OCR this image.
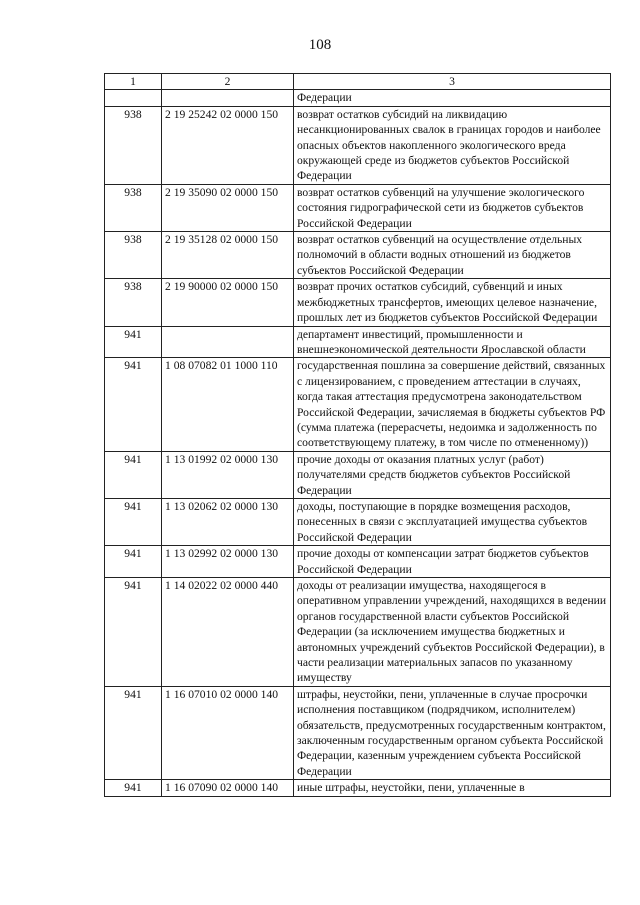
108
1	2	3
		Федерации
938	2 19 25242 02 0000 150	возврат остатков субсидий на ликвидацию несанкционированных свалок в границах городов и наиболее опасных объектов накопленного экологического вреда окружающей среде из бюджетов субъектов Российской Федерации
938	2 19 35090 02 0000 150	возврат остатков субвенций на улучшение экологического состояния гидрографической сети из бюджетов субъектов Российской Федерации
938	2 19 35128 02 0000 150	возврат остатков субвенций на осуществление отдельных полномочий в области водных отношений из бюджетов субъектов Российской Федерации
938	2 19 90000 02 0000 150	возврат прочих остатков субсидий, субвенций и иных межбюджетных трансфертов, имеющих целевое назначение, прошлых лет из бюджетов субъектов Российской Федерации
941		департамент инвестиций, промышленности и внешнеэкономической деятельности Ярославской области
941	1 08 07082 01 1000 110	государственная пошлина за совершение действий, связанных с лицензированием, с проведением аттестации в случаях, когда такая аттестация предусмотрена законодательством Российской Федерации, зачисляемая в бюджеты субъектов РФ (сумма платежа (перерасчеты, недоимка и задолженность по соответствующему платежу, в том числе по отмененному))
941	1 13 01992 02 0000 130	прочие доходы от оказания платных услуг (работ) получателями средств бюджетов субъектов Российской Федерации
941	1 13 02062 02 0000 130	доходы, поступающие в порядке возмещения расходов, понесенных в связи с эксплуатацией имущества субъектов Российской Федерации
941	1 13 02992 02 0000 130	прочие доходы от компенсации затрат бюджетов субъектов Российской Федерации
941	1 14 02022 02 0000 440	доходы от реализации имущества, находящегося в оперативном управлении учреждений, находящихся в ведении органов государственной власти субъектов Российской Федерации (за исключением имущества бюджетных и автономных учреждений субъектов Российской Федерации), в части реализации материальных запасов по указанному имуществу
941	1 16 07010 02 0000 140	штрафы, неустойки, пени, уплаченные в случае просрочки исполнения поставщиком (подрядчиком, исполнителем) обязательств, предусмотренных государственным контрактом, заключенным государственным органом субъекта Российской Федерации, казенным учреждением субъекта Российской Федерации
941	1 16 07090 02 0000 140	иные штрафы, неустойки, пени, уплаченные в
